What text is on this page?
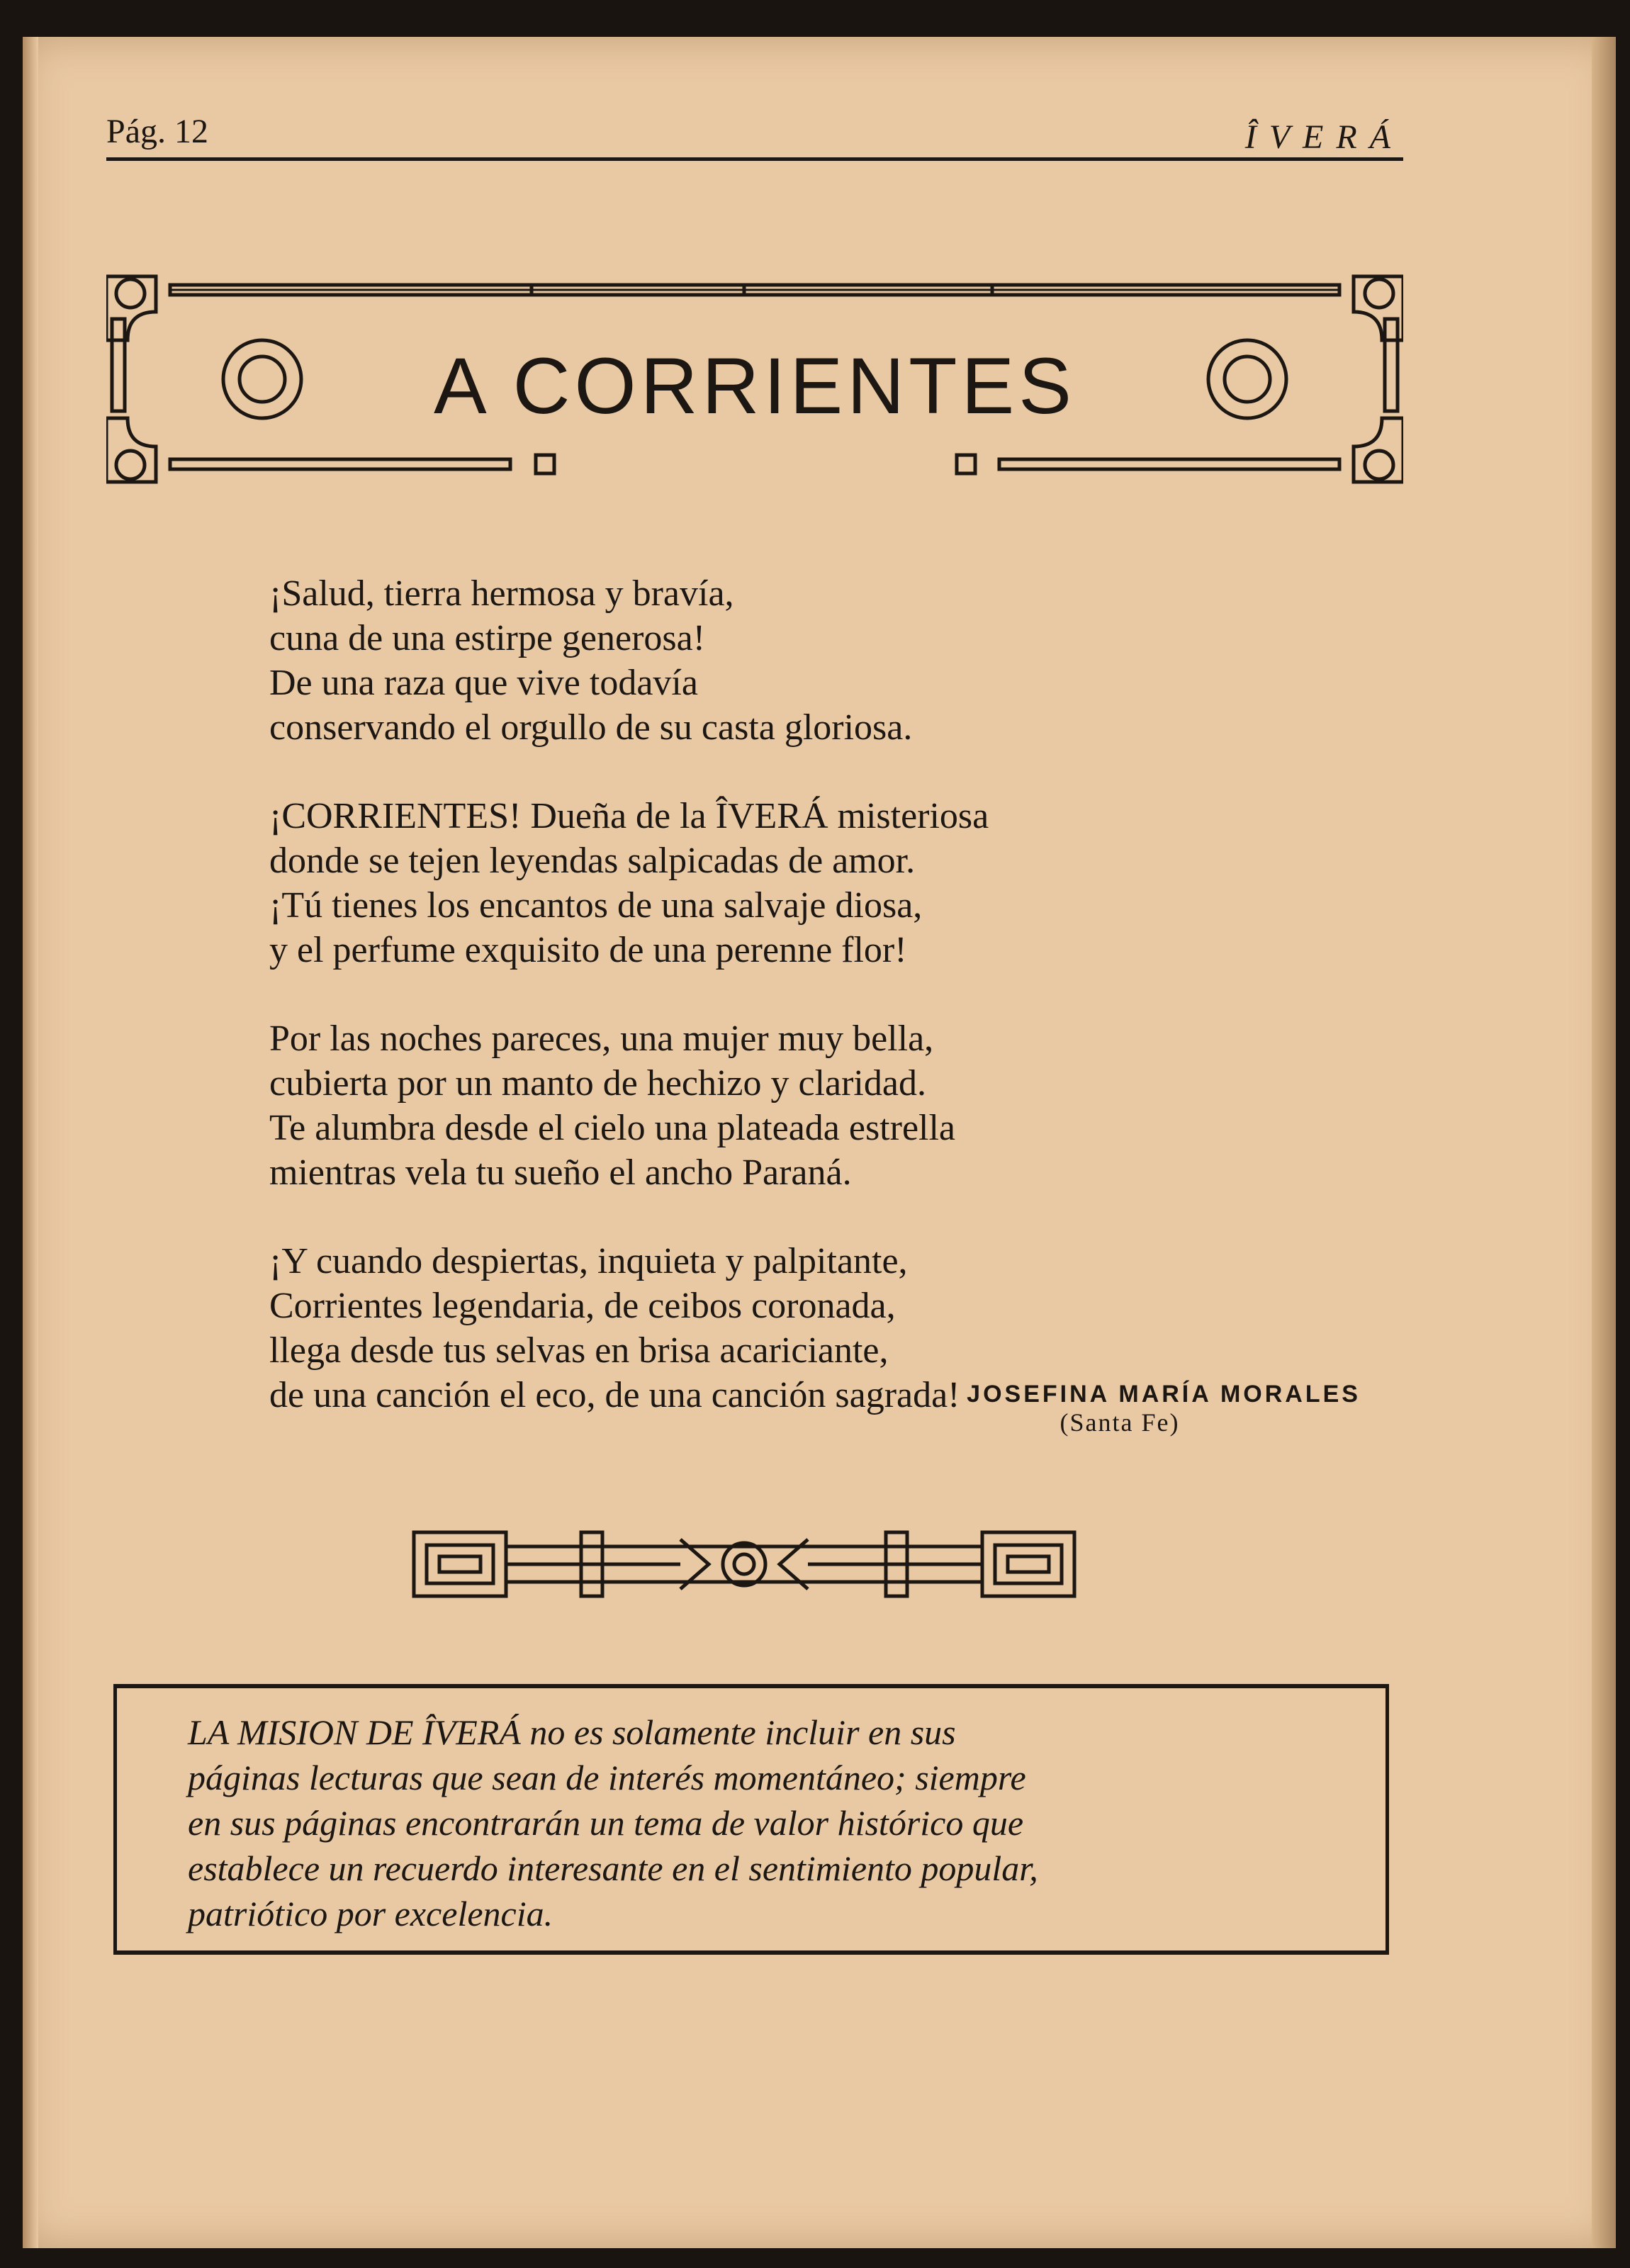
Pág. 12	ÎVERÁ
A CORRIENTES
¡Salud, tierra hermosa y bravía,
cuna de una estirpe generosa!
De una raza que vive todavía
conservando el orgullo de su casta gloriosa.
¡CORRIENTES! Dueña de la ÎVERÁ misteriosa
donde se tejen leyendas salpicadas de amor.
¡Tú tienes los encantos de una salvaje diosa,
y el perfume exquisito de una perenne flor!
Por las noches pareces, una mujer muy bella,
cubierta por un manto de hechizo y claridad.
Te alumbra desde el cielo una plateada estrella
mientras vela tu sueño el ancho Paraná.
¡Y cuando despiertas, inquieta y palpitante,
Corrientes legendaria, de ceibos coronada,
llega desde tus selvas en brisa acariciante,
de una canción el eco, de una canción sagrada! JOSEFINA MARÍA MORALES
(Santa Fe)
LA MISION DE ÎVERÁ no es solamente incluir en sus
páginas lecturas que sean de interés momentáneo; siempre
en sus páginas encontrarán un tema de valor histórico que
establece un recuerdo interesante en el sentimiento popular,
patriótico por excelencia.
